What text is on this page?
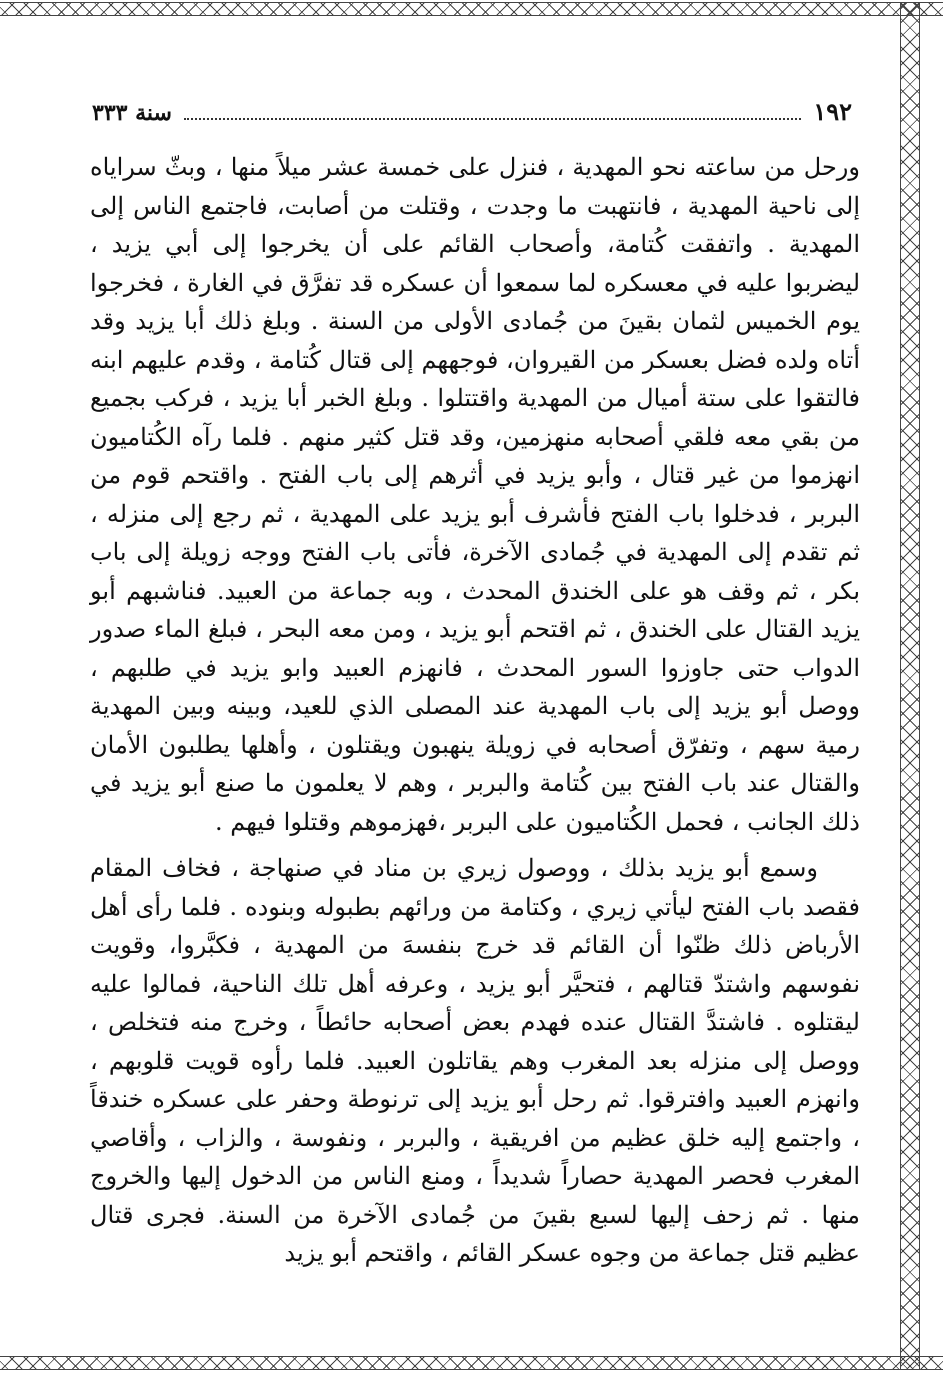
١٩٢
سنة ٣٣٣

ورحل من ساعته نحو المهدية ، فنزل على خمسة عشر ميلاً منها ، وبثّ سراياه إلى ناحية المهدية ، فانتهبت ما وجدت ، وقتلت من أصابت، فاجتمع الناس إلى المهدية . واتفقت كُتامة، وأصحاب القائم على أن يخرجوا إلى أبي يزيد ، ليضربوا عليه في معسكره لما سمعوا أن عسكره قد تفرَّق في الغارة ، فخرجوا يوم الخميس لثمان بقينَ من جُمادى الأولى من السنة . وبلغ ذلك أبا يزيد وقد أتاه ولده فضل بعسكر من القيروان، فوجههم إلى قتال كُتامة ، وقدم عليهم ابنه فالتقوا على ستة أميال من المهدية واقتتلوا . وبلغ الخبر أبا يزيد ، فركب بجميع من بقي معه فلقي أصحابه منهزمين، وقد قتل كثير منهم . فلما رآه الكُتاميون انهزموا من غير قتال ، وأبو يزيد في أثرهم إلى باب الفتح . واقتحم قوم من البربر ، فدخلوا باب الفتح فأشرف أبو يزيد على المهدية ، ثم رجع إلى منزله ، ثم تقدم إلى المهدية في جُمادى الآخرة، فأتى باب الفتح ووجه زويلة إلى باب بكر ، ثم وقف هو على الخندق المحدث ، وبه جماعة من العبيد. فناشبهم أبو يزيد القتال على الخندق ، ثم اقتحم أبو يزيد ، ومن معه البحر ، فبلغ الماء صدور الدواب حتى جاوزوا السور المحدث ، فانهزم العبيد وابو يزيد في طلبهم ، ووصل أبو يزيد إلى باب المهدية عند المصلى الذي للعيد، وبينه وبين المهدية رمية سهم ، وتفرّق أصحابه في زويلة ينهبون ويقتلون ، وأهلها يطلبون الأمان والقتال عند باب الفتح بين كُتامة والبربر ، وهم لا يعلمون ما صنع أبو يزيد في ذلك الجانب ، فحمل الكُتاميون على البربر ،فهزموهم وقتلوا فيهم .

وسمع أبو يزيد بذلك ، ووصول زيري بن مناد في صنهاجة ، فخاف المقام فقصد باب الفتح ليأتي زيري ، وكتامة من ورائهم بطبوله وبنوده . فلما رأى أهل الأرباض ذلك ظنّوا أن القائم قد خرج بنفسهَ من المهدية ، فكبَّروا، وقويت نفوسهم واشتدّ قتالهم ، فتحيَّر أبو يزيد ، وعرفه أهل تلك الناحية، فمالوا عليه ليقتلوه . فاشتدَّ القتال عنده فهدم بعض أصحابه حائطاً ، وخرج منه فتخلص ، ووصل إلى منزله بعد المغرب وهم يقاتلون العبيد. فلما رأوه قويت قلوبهم ، وانهزم العبيد وافترقوا. ثم رحل أبو يزيد إلى ترنوطة وحفر على عسكره خندقاً ، واجتمع إليه خلق عظيم من افريقية ، والبربر ، ونفوسة ، والزاب ، وأقاصي المغرب فحصر المهدية حصاراً شديداً ، ومنع الناس من الدخول إليها والخروج منها . ثم زحف إليها لسبع بقينَ من جُمادى الآخرة من السنة. فجرى قتال عظيم قتل جماعة من وجوه عسكر القائم ، واقتحم أبو يزيد
